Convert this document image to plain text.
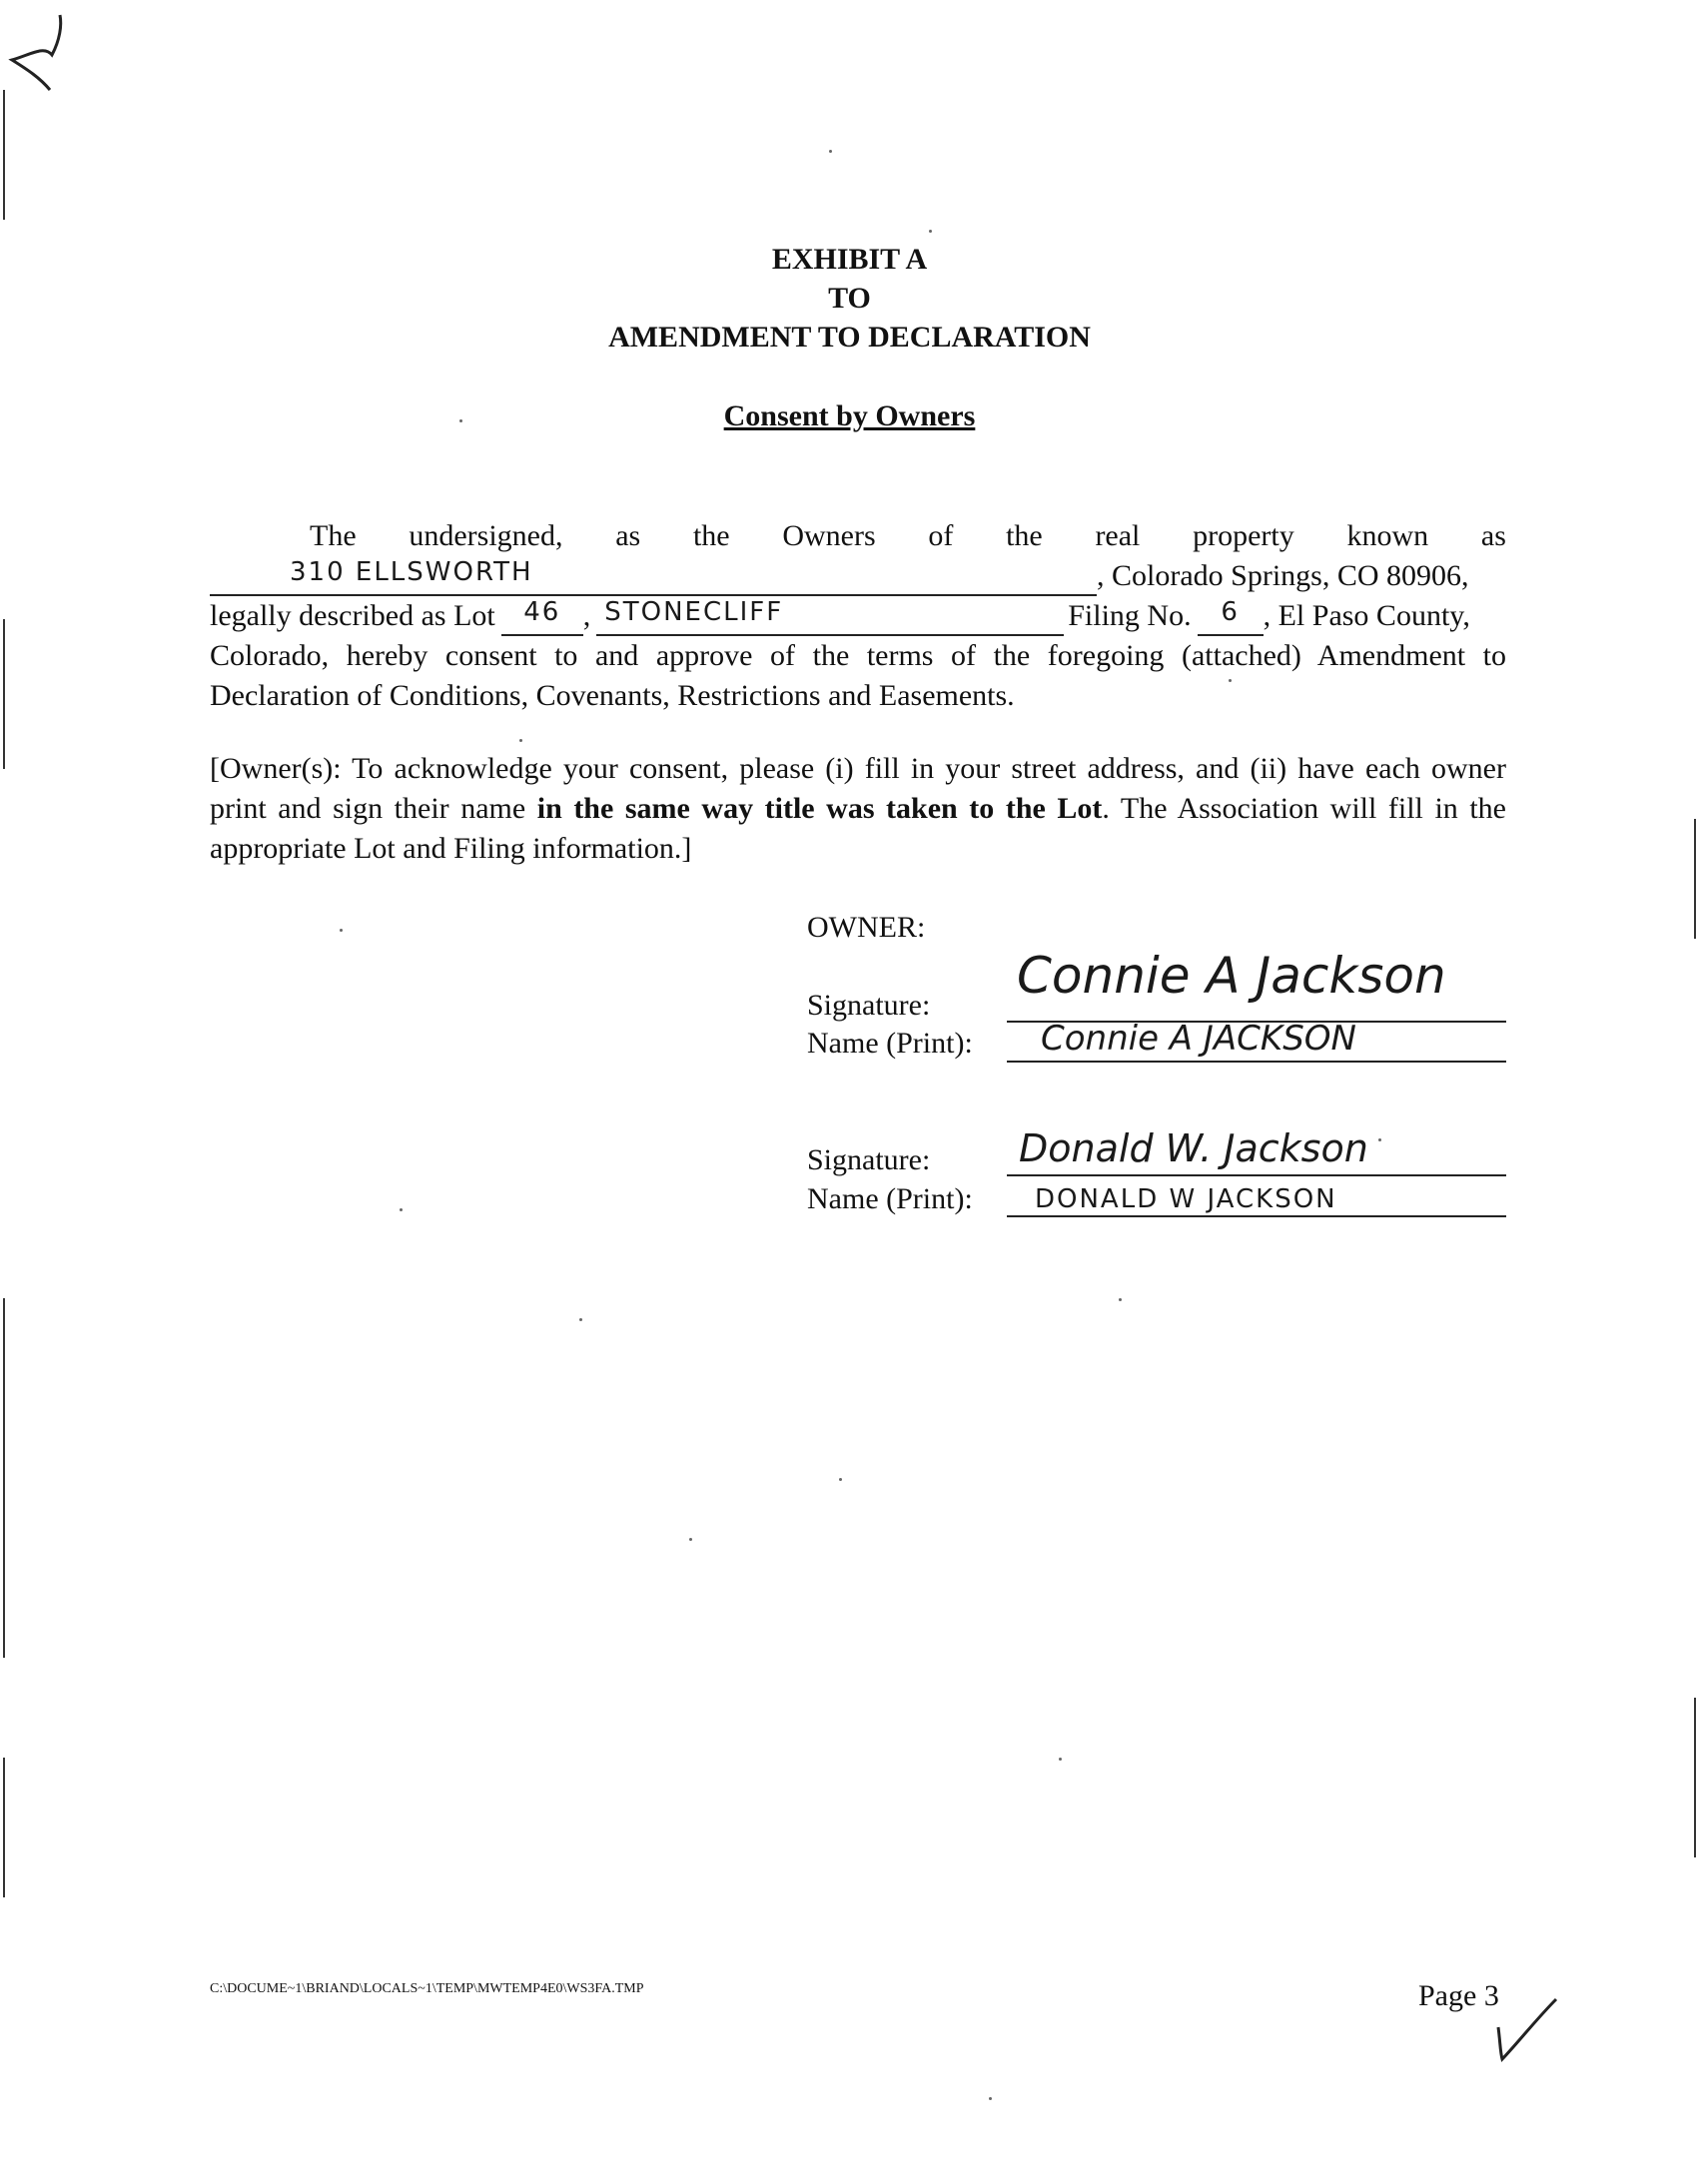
EXHIBIT A
TO
AMENDMENT TO DECLARATION
Consent by Owners
The undersigned, as the Owners of the real property known as
310 ELLSWORTH	, Colorado Springs, CO 80906,
legally described as Lot	46 , STONECLIFF	Filing No.	6 , El Paso County,
Colorado, hereby consent to and approve of the terms of the foregoing (attached) Amendment to
Declaration of Conditions, Covenants, Restrictions and Easements.
[Owner(s): To acknowledge your consent, please (i) fill in your street address, and (ii) have each owner print and sign their name in the same way title was taken to the Lot. The Association will fill in the appropriate Lot and Filing information.]
OWNER:
Signature:
Connie A Jackson
Name (Print): Connie A JACKSON
Signature: Donald W. Jackson
Name (Print): DONALD W JACKSON
C:\DOCUME~1\BRIAND\LOCALS~1\TEMP\MWTEMP4E0\WS3FA.TMP	Page 3
